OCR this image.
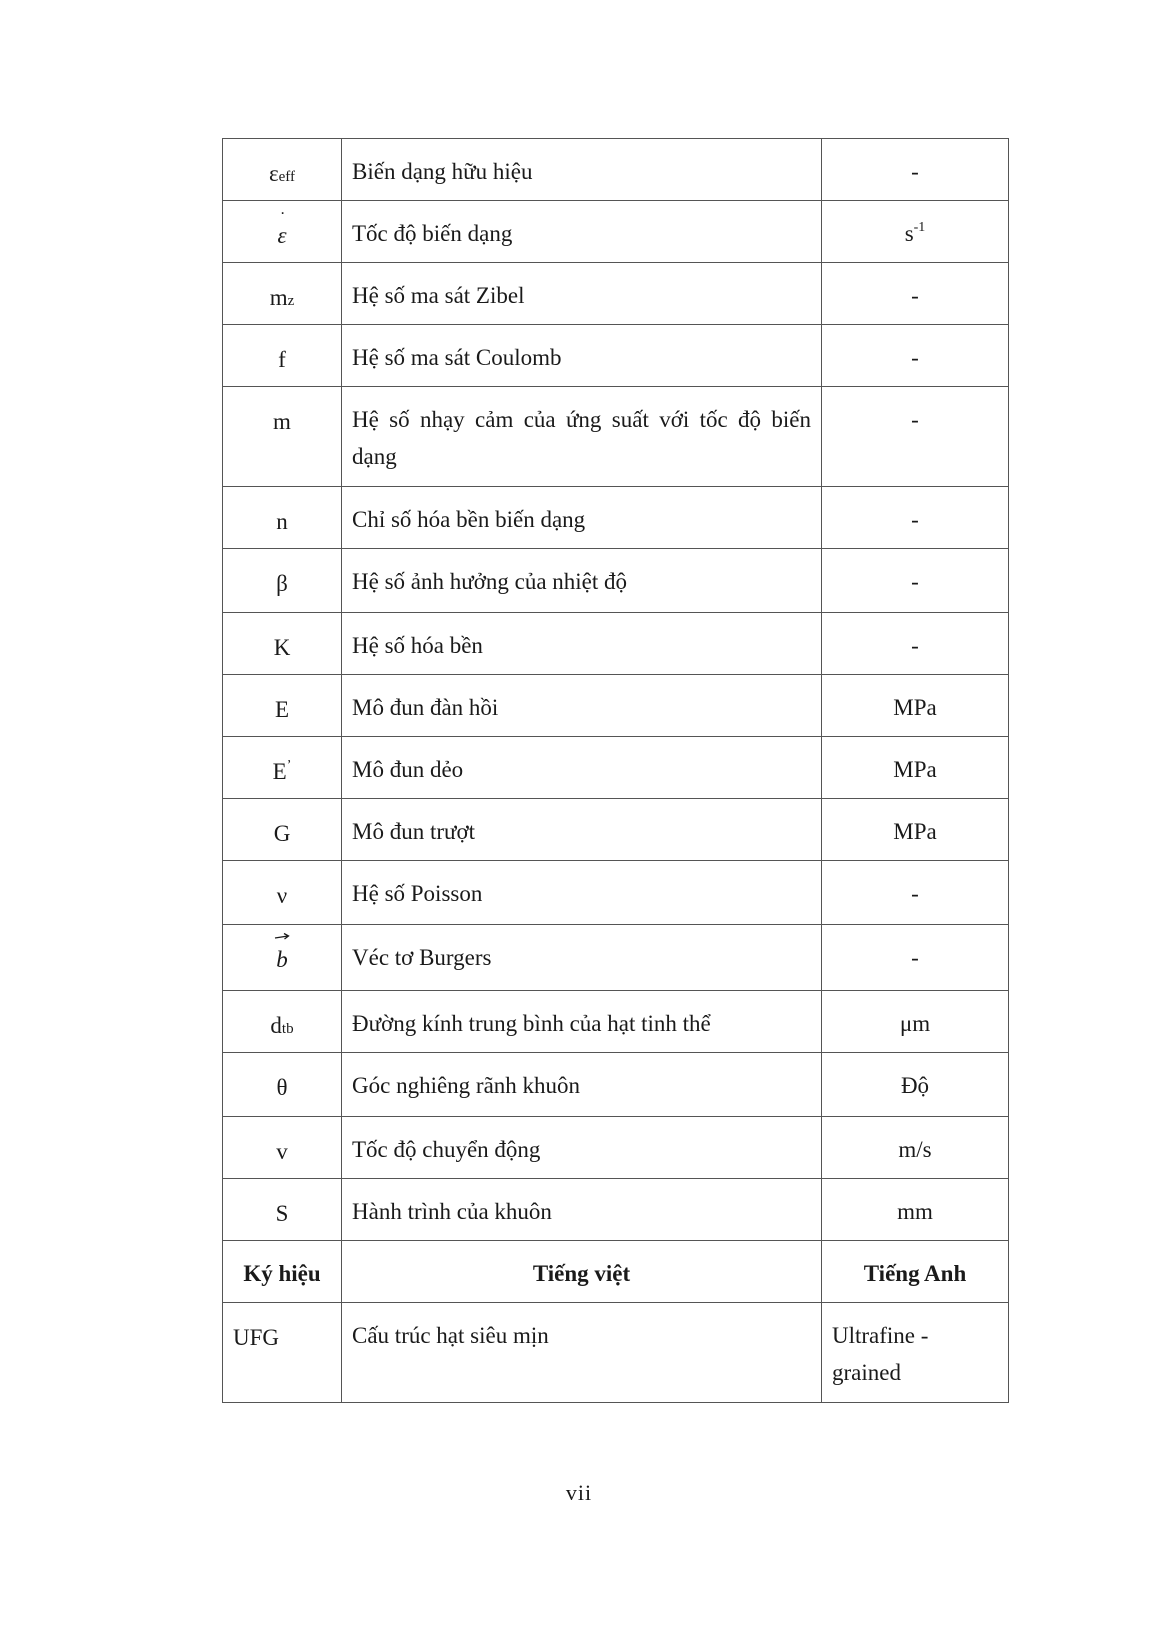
εeff	Biến dạng hữu hiệu	-

˙
ε	Tốc độ biến dạng	$s^{-1}$
mz	Hệ số ma sát Zibel	-
f	Hệ số ma sát Coulomb	-
m	Hệ số nhạy cảm của ứng suất với tốc độ biến dạng	-
n	Chỉ số hóa bền biến dạng	-
β	Hệ số ảnh hưởng của nhiệt độ	-
K	Hệ số hóa bền	-
E	Mô đun đàn hồi	MPa
E’	Mô đun dẻo	MPa
G	Mô đun trượt	MPa
ν	Hệ số Poisson	-

b	Véc tơ Burgers	-
dtb	Đường kính trung bình của hạt tinh thể	μm
θ	Góc nghiêng rãnh khuôn	Độ
v	Tốc độ chuyển động	m/s
S	Hành trình của khuôn	mm
Ký hiệu	Tiếng việt	Tiếng Anh
UFG	Cấu trúc hạt siêu mịn	Ultrafine - grained
vii
